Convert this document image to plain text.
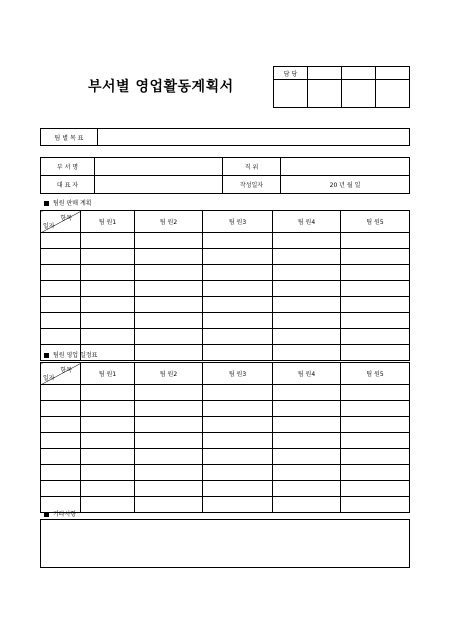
부서별 영업활동계획서
담 당			

팀 별 목 표	
부 서 명		직 위	
대 표 자		작성일자	20 년 월 일
팀원 판매 계획
항목
일자	팀 원1	팀 원2	팀 원3	팀 원4	팀 원5

팀원 영업 일정표
항목
일자	팀 원1	팀 원2	팀 원3	팀 원4	팀 원5

기타사항
